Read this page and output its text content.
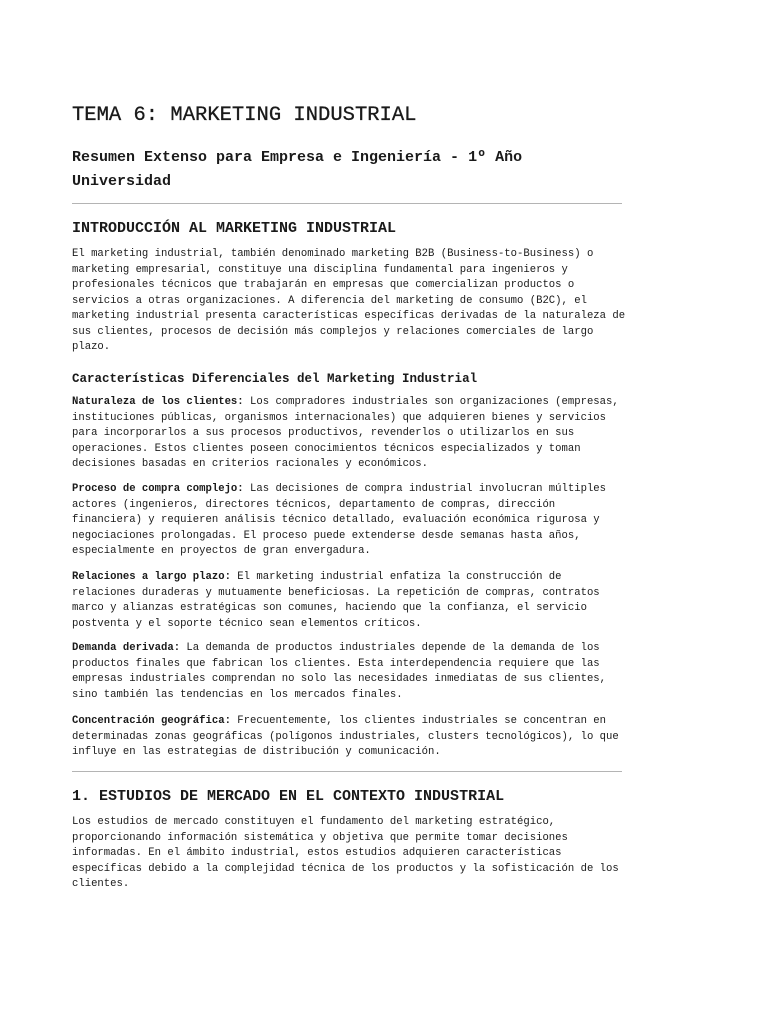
TEMA 6: MARKETING INDUSTRIAL
Resumen Extenso para Empresa e Ingeniería - 1º Año Universidad
INTRODUCCIÓN AL MARKETING INDUSTRIAL

El marketing industrial, también denominado marketing B2B (Business-to-Business) o marketing empresarial, constituye una disciplina fundamental para ingenieros y profesionales técnicos que trabajarán en empresas que comercializan productos o servicios a otras organizaciones. A diferencia del marketing de consumo (B2C), el marketing industrial presenta características específicas derivadas de la naturaleza de sus clientes, procesos de decisión más complejos y relaciones comerciales de largo plazo.

Características Diferenciales del Marketing Industrial

Naturaleza de los clientes: Los compradores industriales son organizaciones (empresas, instituciones públicas, organismos internacionales) que adquieren bienes y servicios para incorporarlos a sus procesos productivos, revenderlos o utilizarlos en sus operaciones. Estos clientes poseen conocimientos técnicos especializados y toman decisiones basadas en criterios racionales y económicos.

Proceso de compra complejo: Las decisiones de compra industrial involucran múltiples actores (ingenieros, directores técnicos, departamento de compras, dirección financiera) y requieren análisis técnico detallado, evaluación económica rigurosa y negociaciones prolongadas. El proceso puede extenderse desde semanas hasta años, especialmente en proyectos de gran envergadura.

Relaciones a largo plazo: El marketing industrial enfatiza la construcción de relaciones duraderas y mutuamente beneficiosas. La repetición de compras, contratos marco y alianzas estratégicas son comunes, haciendo que la confianza, el servicio postventa y el soporte técnico sean elementos críticos.

Demanda derivada: La demanda de productos industriales depende de la demanda de los productos finales que fabrican los clientes. Esta interdependencia requiere que las empresas industriales comprendan no solo las necesidades inmediatas de sus clientes, sino también las tendencias en los mercados finales.

Concentración geográfica: Frecuentemente, los clientes industriales se concentran en determinadas zonas geográficas (polígonos industriales, clusters tecnológicos), lo que influye en las estrategias de distribución y comunicación.

1. ESTUDIOS DE MERCADO EN EL CONTEXTO INDUSTRIAL

Los estudios de mercado constituyen el fundamento del marketing estratégico, proporcionando información sistemática y objetiva que permite tomar decisiones informadas. En el ámbito industrial, estos estudios adquieren características específicas debido a la complejidad técnica de los productos y la sofisticación de los clientes.
